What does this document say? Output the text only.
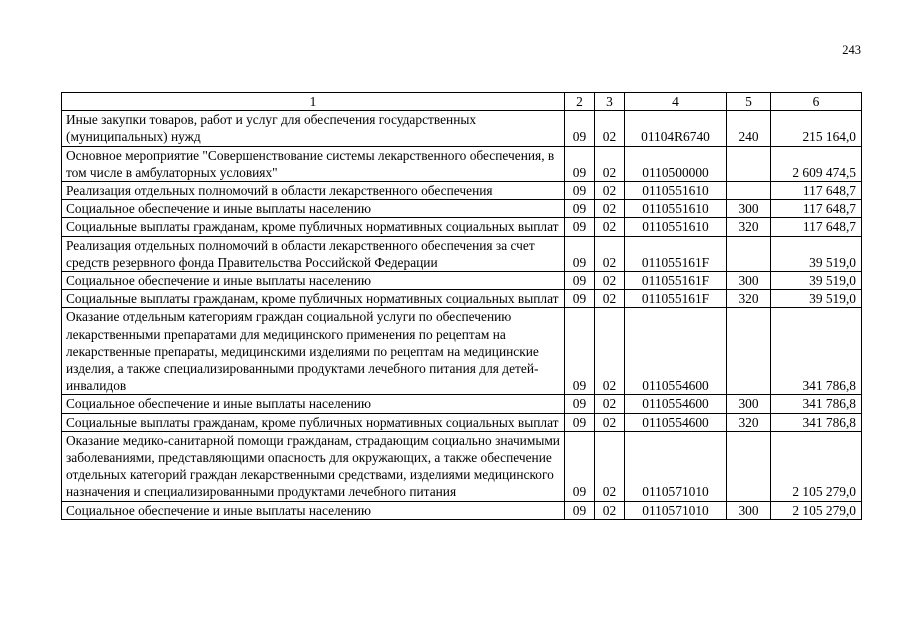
243
1	2	3	4	5	6
Иные закупки товаров, работ и услуг для обеспечения государственных (муниципальных) нужд	09	02	01104R6740	240	215 164,0
Основное мероприятие "Совершенствование системы лекарственного обеспечения, в том числе в амбулаторных условиях"	09	02	0110500000		2 609 474,5
Реализация отдельных полномочий в области лекарственного обеспечения	09	02	0110551610		117 648,7
Социальное обеспечение и иные выплаты населению	09	02	0110551610	300	117 648,7
Социальные выплаты гражданам, кроме публичных нормативных социальных выплат	09	02	0110551610	320	117 648,7
Реализация отдельных полномочий в области лекарственного обеспечения за счет средств резервного фонда Правительства Российской Федерации	09	02	011055161F		39 519,0
Социальное обеспечение и иные выплаты населению	09	02	011055161F	300	39 519,0
Социальные выплаты гражданам, кроме публичных нормативных социальных выплат	09	02	011055161F	320	39 519,0
Оказание отдельным категориям граждан социальной услуги по обеспечению лекарственными препаратами для медицинского применения по рецептам на лекарственные препараты, медицинскими изделиями по рецептам на медицинские изделия, а также специализированными продуктами лечебного питания для детей-инвалидов	09	02	0110554600		341 786,8
Социальное обеспечение и иные выплаты населению	09	02	0110554600	300	341 786,8
Социальные выплаты гражданам, кроме публичных нормативных социальных выплат	09	02	0110554600	320	341 786,8
Оказание медико-санитарной помощи гражданам, страдающим социально значимыми заболеваниями, представляющими опасность для окружающих, а также обеспечение отдельных категорий граждан лекарственными средствами, изделиями медицинского назначения и специализированными продуктами лечебного питания	09	02	0110571010		2 105 279,0
Социальное обеспечение и иные выплаты населению	09	02	0110571010	300	2 105 279,0
